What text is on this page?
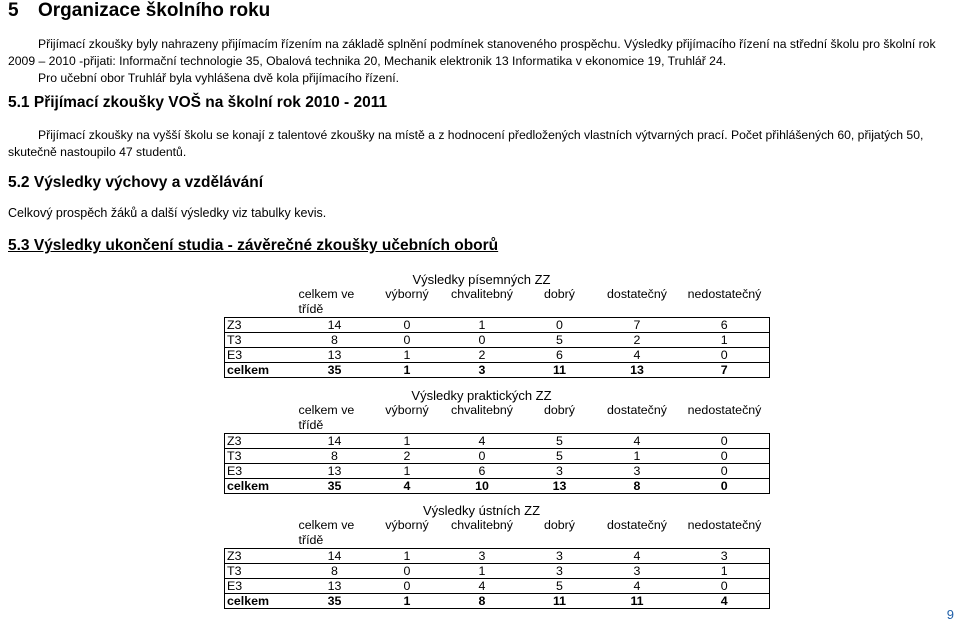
5 Organizace školního roku
Přijímací zkoušky byly nahrazeny přijímacím řízením na základě splnění podmínek stanoveného prospěchu. Výsledky přijímacího řízení na střední školu pro školní rok
2009 – 2010 -přijati: Informační technologie 35, Obalová technika 20, Mechanik elektronik 13 Informatika v ekonomice 19, Truhlář 24.
Pro učební obor Truhlář byla vyhlášena dvě kola přijímacího řízení.
5.1 Přijímací zkoušky VOŠ na školní rok 2010 - 2011
Přijímací zkoušky na vyšší školu se konají z talentové zkoušky na místě a z hodnocení předložených vlastních výtvarných prací. Počet přihlášených 60, přijatých 50,
skutečně nastoupilo 47 studentů.
5.2 Výsledky výchovy a vzdělávání
Celkový prospěch žáků a další výsledky viz tabulky kevis.
5.3 Výsledky ukončení studia - závěrečné zkoušky učebních oborů
Výsledky písemných ZZ
	celkem ve třídě	výborný	chvalitebný	dobrý	dostatečný	nedostatečný
Z3	14	0	1	0	7	6
T3	8	0	0	5	2	1
E3	13	1	2	6	4	0
celkem	35	1	3	11	13	7
Výsledky praktických ZZ
	celkem ve třídě	výborný	chvalitebný	dobrý	dostatečný	nedostatečný
Z3	14	1	4	5	4	0
T3	8	2	0	5	1	0
E3	13	1	6	3	3	0
celkem	35	4	10	13	8	0
Výsledky ústních ZZ
	celkem ve třídě	výborný	chvalitebný	dobrý	dostatečný	nedostatečný
Z3	14	1	3	3	4	3
T3	8	0	1	3	3	1
E3	13	0	4	5	4	0
celkem	35	1	8	11	11	4
9
